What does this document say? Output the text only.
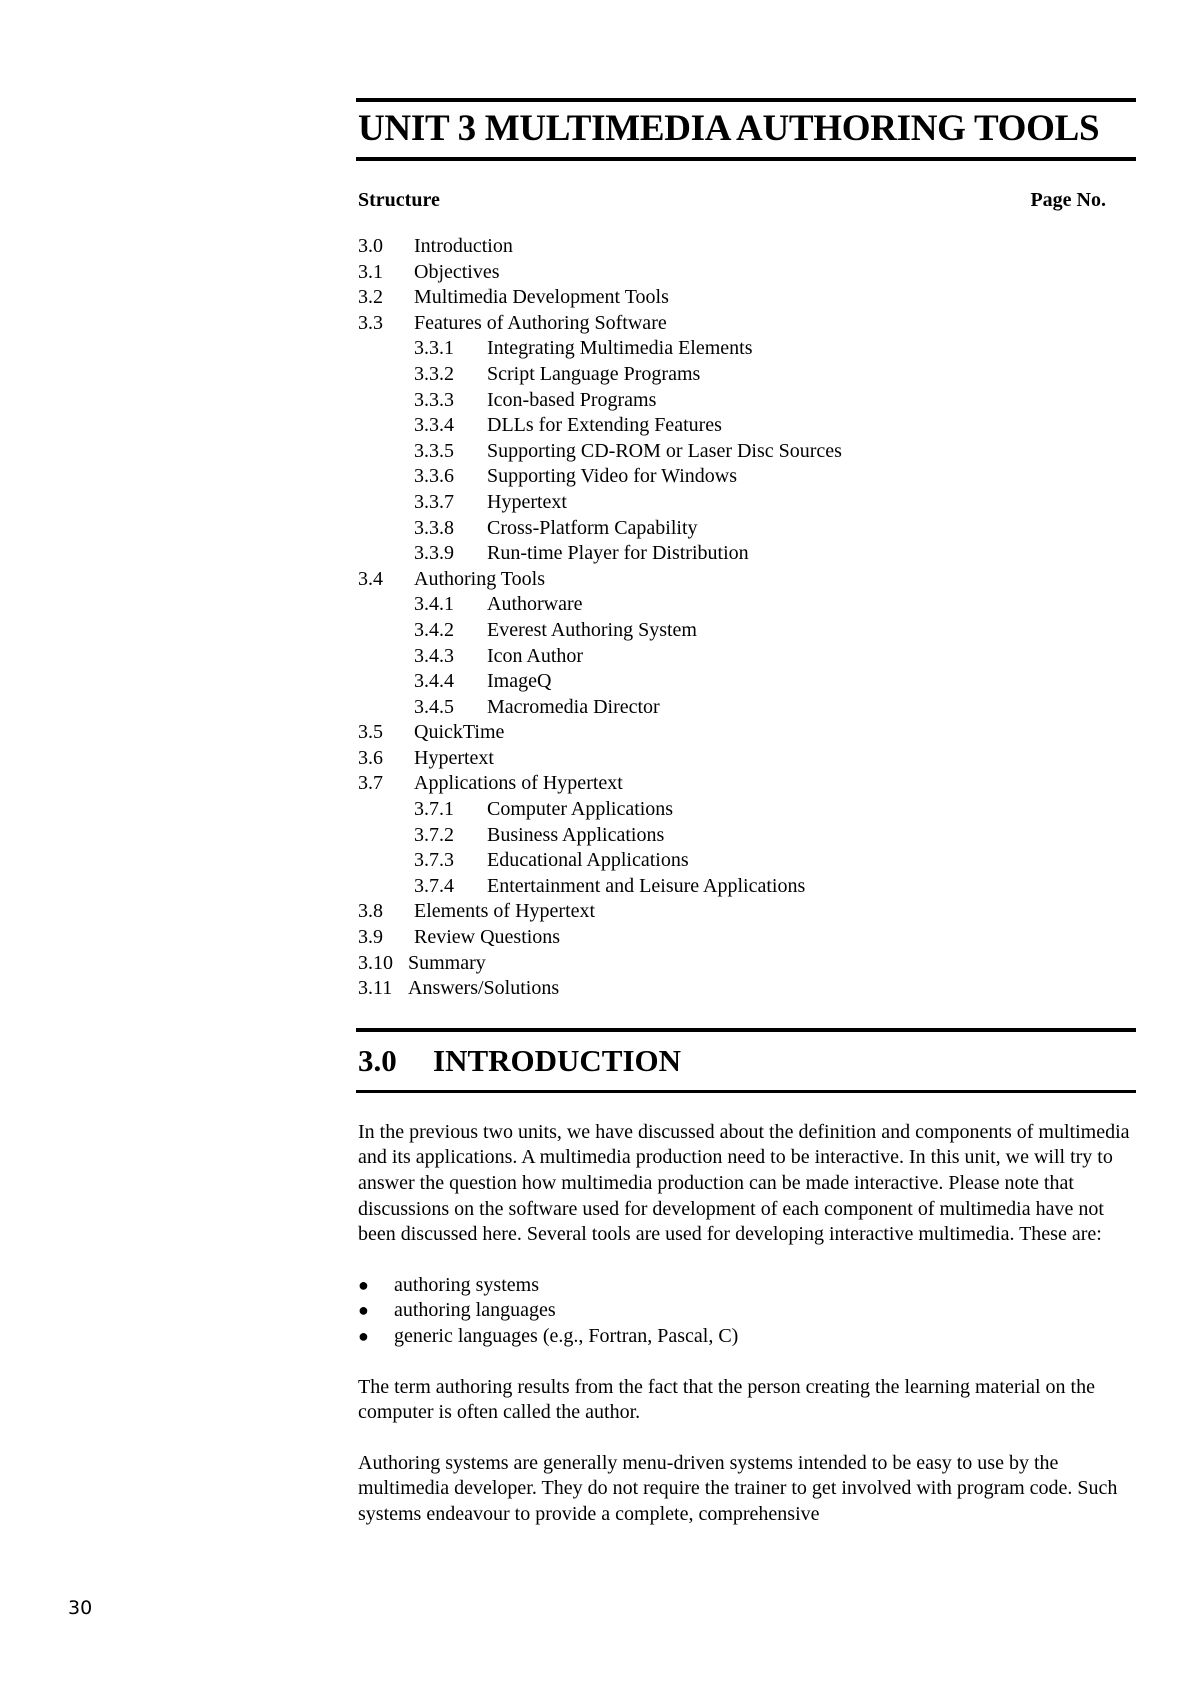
UNIT 3 MULTIMEDIA AUTHORING TOOLS
Structure	Page No.
3.0	Introduction
3.1	Objectives
3.2	Multimedia Development Tools
3.3	Features of Authoring Software
3.3.1	Integrating Multimedia Elements
3.3.2	Script Language Programs
3.3.3	Icon-based Programs
3.3.4	DLLs for Extending Features
3.3.5	Supporting CD-ROM or Laser Disc Sources
3.3.6	Supporting Video for Windows
3.3.7	Hypertext
3.3.8	Cross-Platform Capability
3.3.9	Run-time Player for Distribution
3.4	Authoring Tools
3.4.1	Authorware
3.4.2	Everest Authoring System
3.4.3	Icon Author
3.4.4	ImageQ
3.4.5	Macromedia Director
3.5	QuickTime
3.6	Hypertext
3.7	Applications of Hypertext
3.7.1	Computer Applications
3.7.2	Business Applications
3.7.3	Educational Applications
3.7.4	Entertainment and Leisure Applications
3.8	Elements of Hypertext
3.9	Review Questions
3.10 Summary
3.11 Answers/Solutions
3.0 INTRODUCTION

In the previous two units, we have discussed about the definition and components of multimedia and its applications. A multimedia production need to be interactive. In this unit, we will try to answer the question how multimedia production can be made interactive. Please note that discussions on the software used for development of each component of multimedia have not been discussed here. Several tools are used for developing interactive multimedia. These are:

●	authoring systems
●	authoring languages
●	generic languages (e.g., Fortran, Pascal, C)

The term authoring results from the fact that the person creating the learning material on the computer is often called the author.

Authoring systems are generally menu-driven systems intended to be easy to use by the multimedia developer. They do not require the trainer to get involved with program code. Such systems endeavour to provide a complete, comprehensive

30
